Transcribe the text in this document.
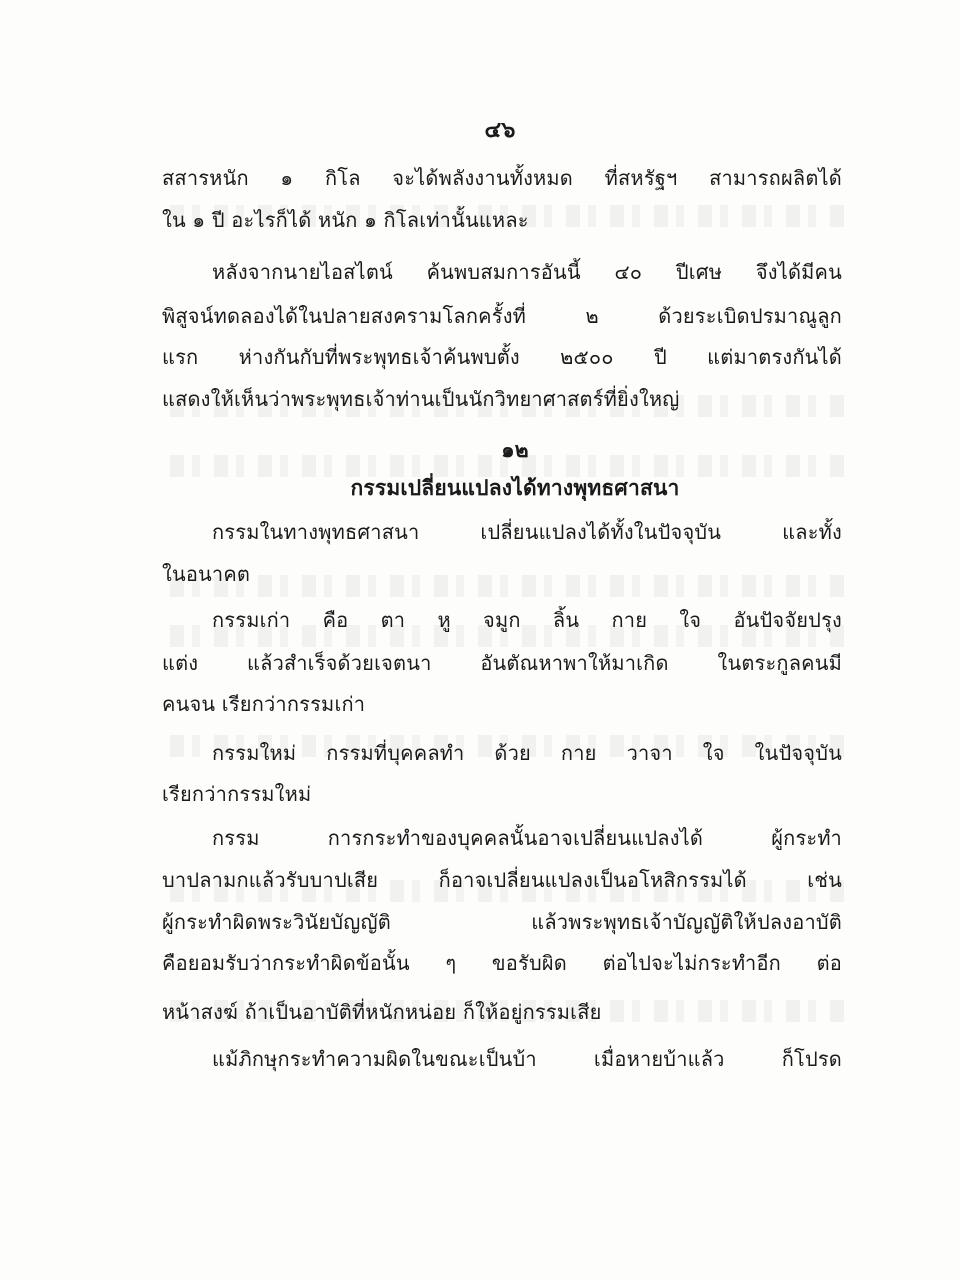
๔๖
สสารหนัก ๑ กิโล จะได้พลังงานทั้งหมด ที่สหรัฐฯ สามารถผลิตได้
ใน ๑ ปี อะไรก็ได้ หนัก ๑ กิโลเท่านั้นแหละ
หลังจากนายไอสไตน์ ค้นพบสมการอันนี้ ๔๐ ปีเศษ จึงได้มีคน
พิสูจน์ทดลองได้ในปลายสงครามโลกครั้งที่ ๒ ด้วยระเบิดปรมาณูลูก
แรก ห่างกันกับที่พระพุทธเจ้าค้นพบตั้ง ๒๕๐๐ ปี แต่มาตรงกันได้
แสดงให้เห็นว่าพระพุทธเจ้าท่านเป็นนักวิทยาศาสตร์ที่ยิ่งใหญ่
๑๒
กรรมเปลี่ยนแปลงได้ทางพุทธศาสนา
กรรมในทางพุทธศาสนา เปลี่ยนแปลงได้ทั้งในปัจจุบัน และทั้ง
ในอนาคต
กรรมเก่า คือ ตา หู จมูก ลิ้น กาย ใจ อันปัจจัยปรุง
แต่ง แล้วสำเร็จด้วยเจตนา อันตัณหาพาให้มาเกิด ในตระกูลคนมี
คนจน เรียกว่ากรรมเก่า
กรรมใหม่ กรรมที่บุคคลทำ ด้วย กาย วาจา ใจ ในปัจจุบัน
เรียกว่ากรรมใหม่
กรรม การกระทำของบุคคลนั้นอาจเปลี่ยนแปลงได้ ผู้กระทำ
บาปลามกแล้วรับบาปเสีย ก็อาจเปลี่ยนแปลงเป็นอโหสิกรรมได้ เช่น
ผู้กระทำผิดพระวินัยบัญญัติ แล้วพระพุทธเจ้าบัญญัติให้ปลงอาบัติ
คือยอมรับว่ากระทำผิดข้อนั้น ๆ ขอรับผิด ต่อไปจะไม่กระทำอีก ต่อ
หน้าสงฆ์ ถ้าเป็นอาบัติที่หนักหน่อย ก็ให้อยู่กรรมเสีย
แม้ภิกษุกระทำความผิดในขณะเป็นบ้า เมื่อหายบ้าแล้ว ก็โปรด
